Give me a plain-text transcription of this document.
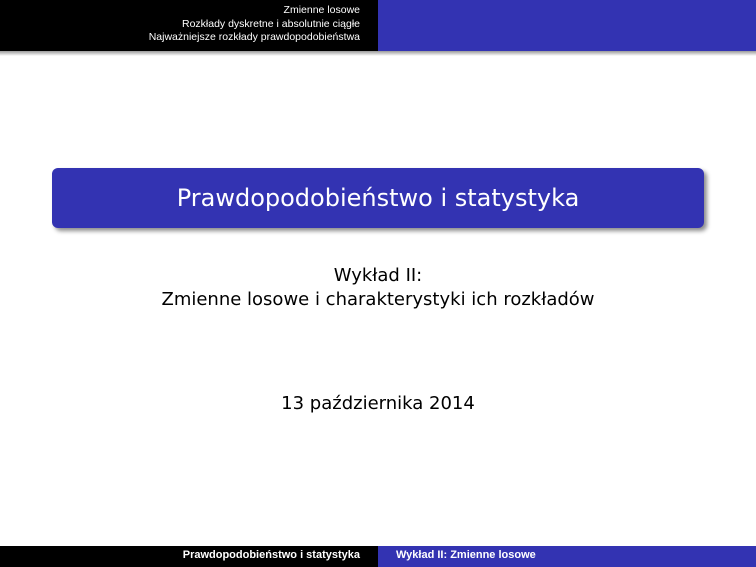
Zmienne losowe
Rozkłady dyskretne i absolutnie ciągłe
Najważniejsze rozkłady prawdopodobieństwa
Prawdopodobieństwo i statystyka
Wykład II:
Zmienne losowe i charakterystyki ich rozkładów
13 października 2014
Prawdopodobieństwo i statystyka	Wykład II: Zmienne losowe
